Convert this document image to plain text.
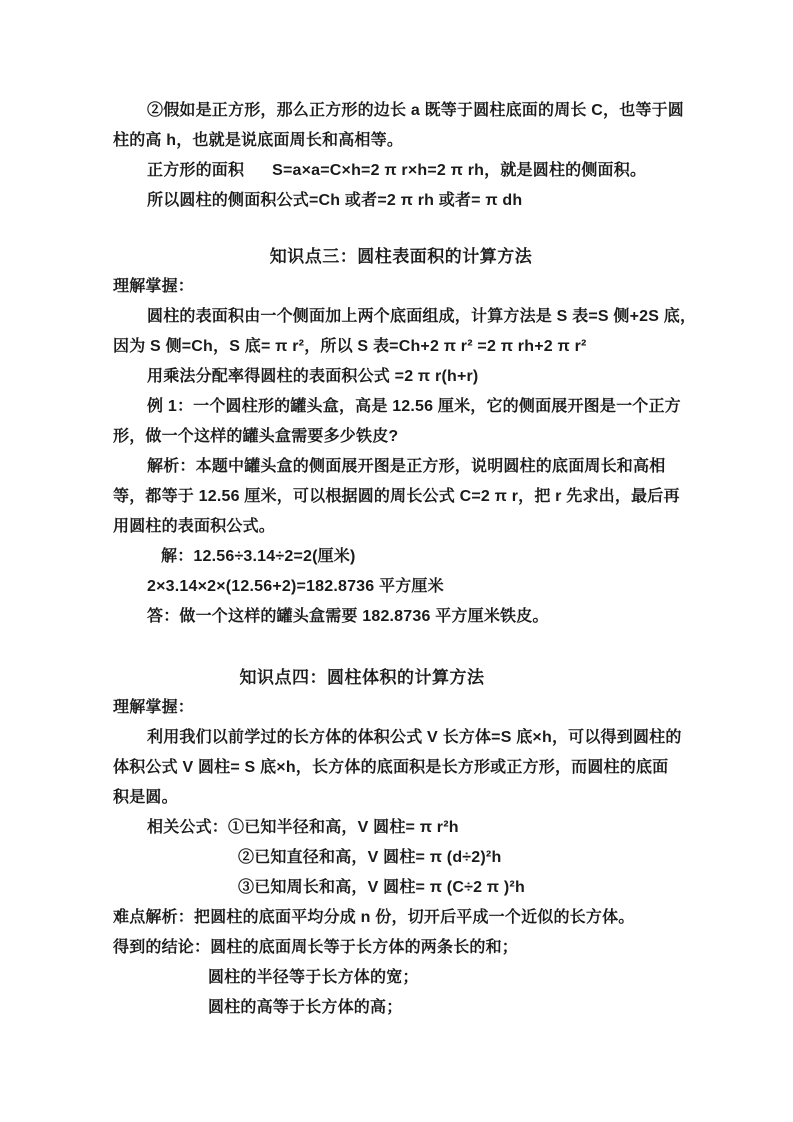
②假如是正方形，那么正方形的边长 a 既等于圆柱底面的周长 C，也等于圆

柱的高 h，也就是说底面周长和高相等。

正方形的面积      S=a×a=C×h=2 π r×h=2 π rh，就是圆柱的侧面积。

所以圆柱的侧面积公式=Ch 或者=2 π rh 或者= π dh

知识点三：圆柱表面积的计算方法

理解掌握：

圆柱的表面积由一个侧面加上两个底面组成，计算方法是 S 表=S 侧+2S 底，

因为 S 侧=Ch，S 底= π r²，所以 S 表=Ch+2 π r² =2 π rh+2 π r²

用乘法分配率得圆柱的表面积公式 =2 π r(h+r)

例 1：一个圆柱形的罐头盒，高是 12.56 厘米，它的侧面展开图是一个正方

形，做一个这样的罐头盒需要多少铁皮?

解析：本题中罐头盒的侧面展开图是正方形，说明圆柱的底面周长和高相

等，都等于 12.56 厘米，可以根据圆的周长公式 C=2 π r，把 r 先求出，最后再

用圆柱的表面积公式。

解：12.56÷3.14÷2=2(厘米)

2×3.14×2×(12.56+2)=182.8736 平方厘米

答：做一个这样的罐头盒需要 182.8736 平方厘米铁皮。

知识点四：圆柱体积的计算方法

理解掌握：

利用我们以前学过的长方体的体积公式 V 长方体=S 底×h，可以得到圆柱的

体积公式 V 圆柱= S 底×h，长方体的底面积是长方形或正方形，而圆柱的底面

积是圆。

相关公式：①已知半径和高，V 圆柱= π r²h

②已知直径和高，V 圆柱= π (d÷2)²h

③已知周长和高，V 圆柱= π (C÷2 π )²h

难点解析：把圆柱的底面平均分成 n 份，切开后平成一个近似的长方体。

得到的结论：圆柱的底面周长等于长方体的两条长的和；

圆柱的半径等于长方体的宽；

圆柱的高等于长方体的高；
